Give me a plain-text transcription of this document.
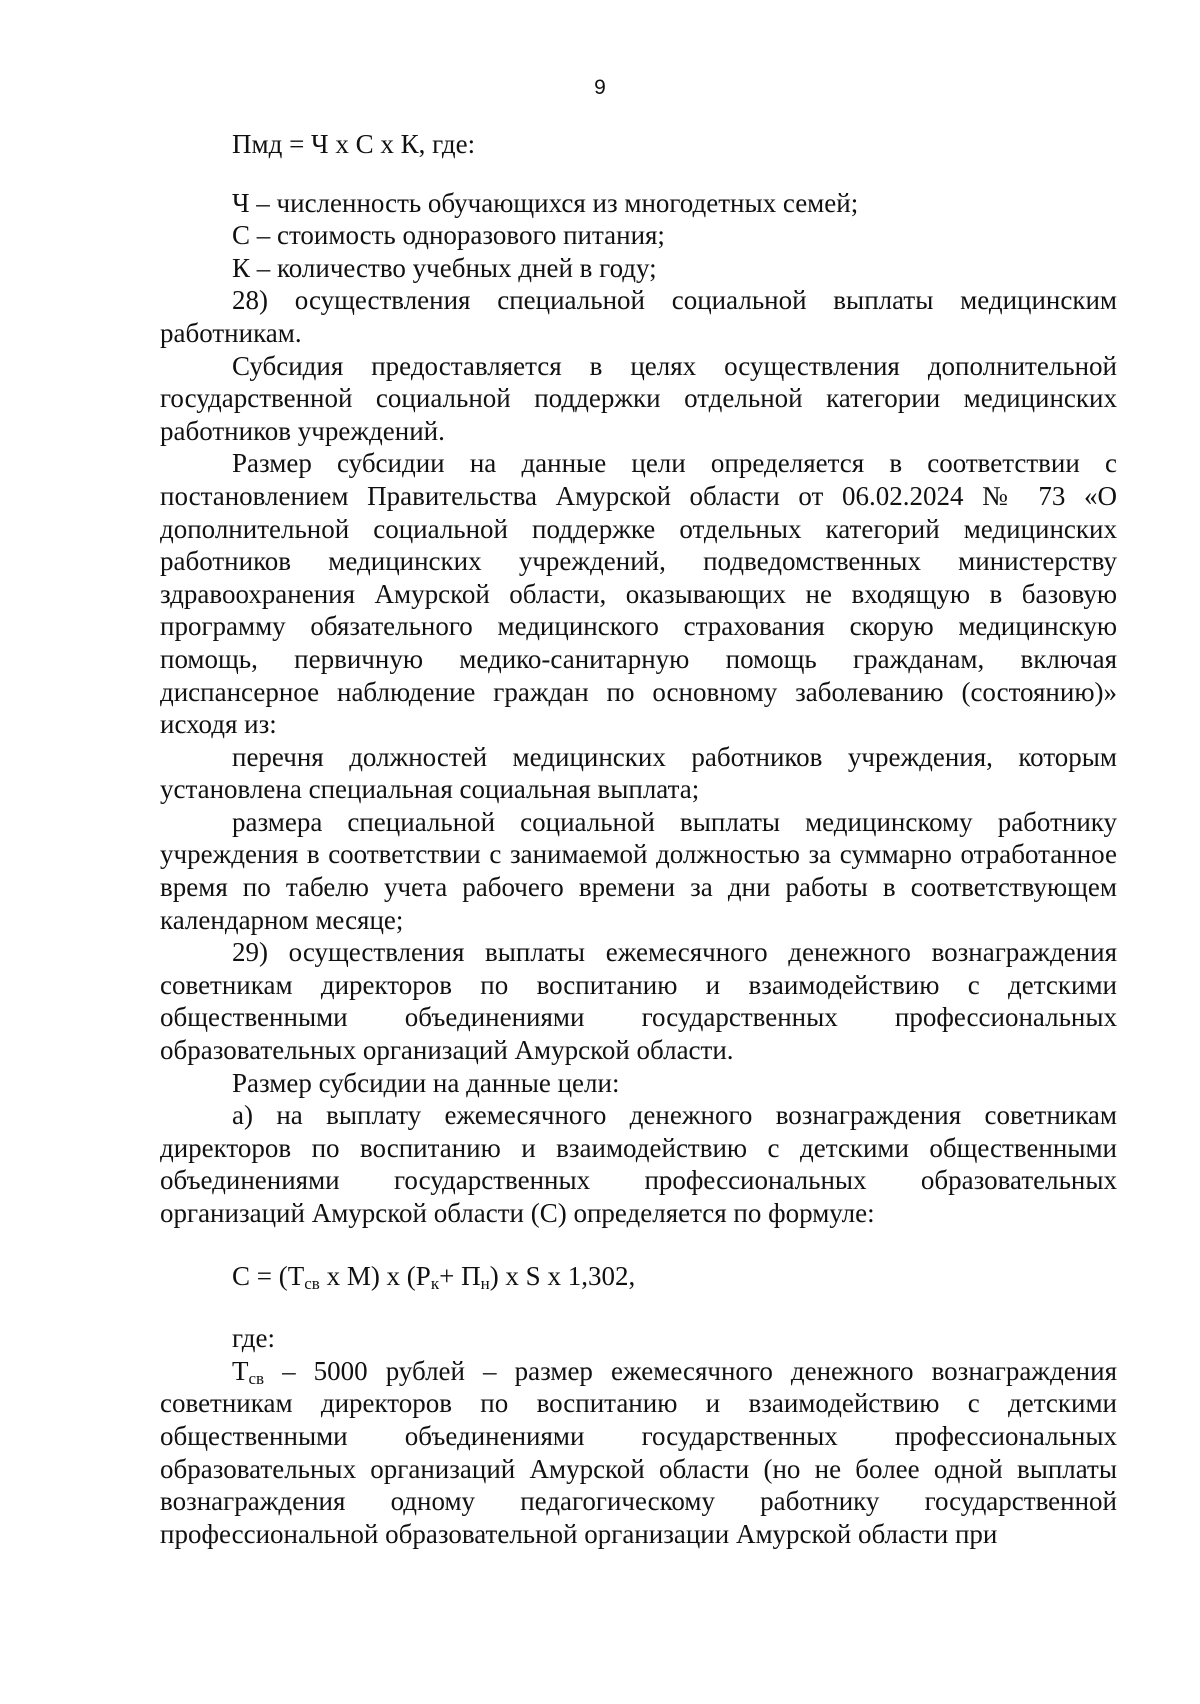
9

Пмд = Ч х С х К, где:

Ч – численность обучающихся из многодетных семей;

С – стоимость одноразового питания;

К – количество учебных дней в году;

28) осуществления специальной социальной выплаты медицинским работникам.

Субсидия предоставляется в целях осуществления дополнительной государственной социальной поддержки отдельной категории медицинских работников учреждений.

Размер субсидии на данные цели определяется в соответствии с постановлением Правительства Амурской области от 06.02.2024 № 73 «О дополнительной социальной поддержке отдельных категорий медицинских работников медицинских учреждений, подведомственных министерству здравоохранения Амурской области, оказывающих не входящую в базовую программу обязательного медицинского страхования скорую медицинскую помощь, первичную медико-санитарную помощь гражданам, включая диспансерное наблюдение граждан по основному заболеванию (состоянию)» исходя из:

перечня должностей медицинских работников учреждения, которым установлена специальная социальная выплата;

размера специальной социальной выплаты медицинскому работнику учреждения в соответствии с занимаемой должностью за суммарно отработанное время по табелю учета рабочего времени за дни работы в соответствующем календарном месяце;

29) осуществления выплаты ежемесячного денежного вознаграждения советникам директоров по воспитанию и взаимодействию с детскими общественными объединениями государственных профессиональных образовательных организаций Амурской области.

Размер субсидии на данные цели:

а) на выплату ежемесячного денежного вознаграждения советникам директоров по воспитанию и взаимодействию с детскими общественными объединениями государственных профессиональных образовательных организаций Амурской области (С) определяется по формуле:

$С = (Т_{св}$ х М) х $(Р_к+ П_н)$ х S х 1,302,

где:

$Т_{св} - 5000$ рублей – размер ежемесячного денежного вознаграждения советникам директоров по воспитанию и взаимодействию с детскими общественными объединениями государственных профессиональных образовательных организаций Амурской области (но не более одной выплаты вознаграждения одному педагогическому работнику государственной профессиональной образовательной организации Амурской области при
